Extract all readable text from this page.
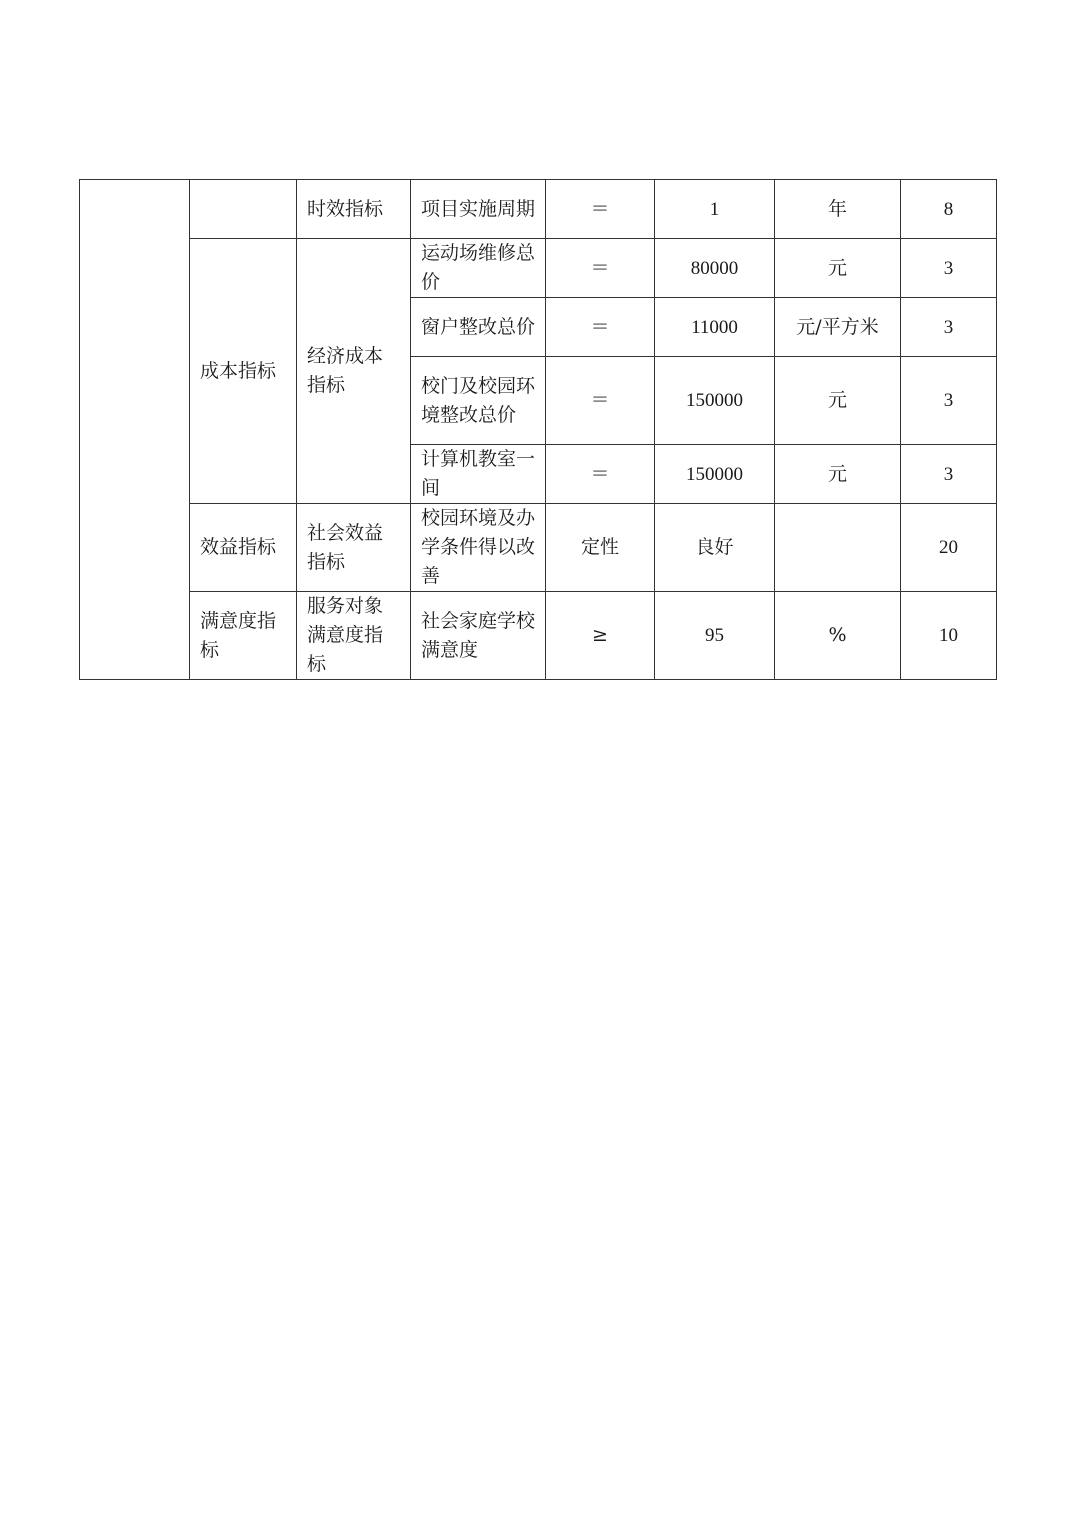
		时效指标	项目实施周期	＝	1	年	8
	成本指标	经济成本指标	运动场维修总价	＝	80000	元	3
			窗户整改总价	＝	11000	元/平方米	3
			校门及校园环境整改总价	＝	150000	元	3
			计算机教室一间	＝	150000	元	3
	效益指标	社会效益指标	校园环境及办学条件得以改善	定性	良好		20
	满意度指标	服务对象满意度指标	社会家庭学校满意度	≥	95	%	10
